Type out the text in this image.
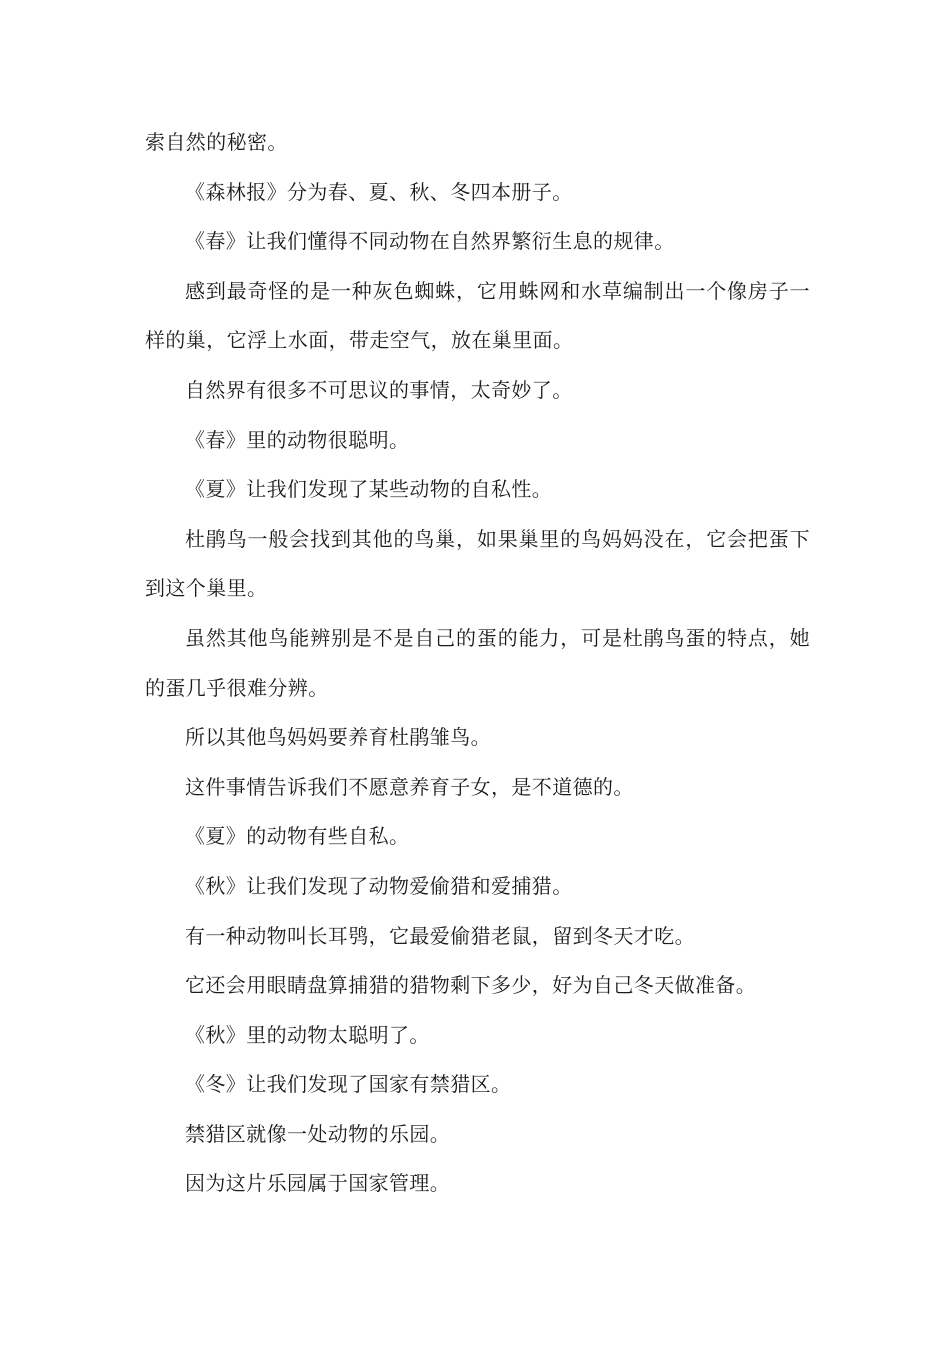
索自然的秘密。

《森林报》分为春、夏、秋、冬四本册子。

《春》让我们懂得不同动物在自然界繁衍生息的规律。

感到最奇怪的是一种灰色蜘蛛，它用蛛网和水草编制出一个像房子一样的巢，它浮上水面，带走空气，放在巢里面。

自然界有很多不可思议的事情，太奇妙了。

《春》里的动物很聪明。

《夏》让我们发现了某些动物的自私性。

杜鹃鸟一般会找到其他的鸟巢，如果巢里的鸟妈妈没在，它会把蛋下到这个巢里。

虽然其他鸟能辨别是不是自己的蛋的能力，可是杜鹃鸟蛋的特点，她的蛋几乎很难分辨。

所以其他鸟妈妈要养育杜鹃雏鸟。

这件事情告诉我们不愿意养育子女，是不道德的。

《夏》的动物有些自私。

《秋》让我们发现了动物爱偷猎和爱捕猎。

有一种动物叫长耳鸮，它最爱偷猎老鼠，留到冬天才吃。

它还会用眼睛盘算捕猎的猎物剩下多少，好为自己冬天做准备。

《秋》里的动物太聪明了。

《冬》让我们发现了国家有禁猎区。

禁猎区就像一处动物的乐园。

因为这片乐园属于国家管理。
